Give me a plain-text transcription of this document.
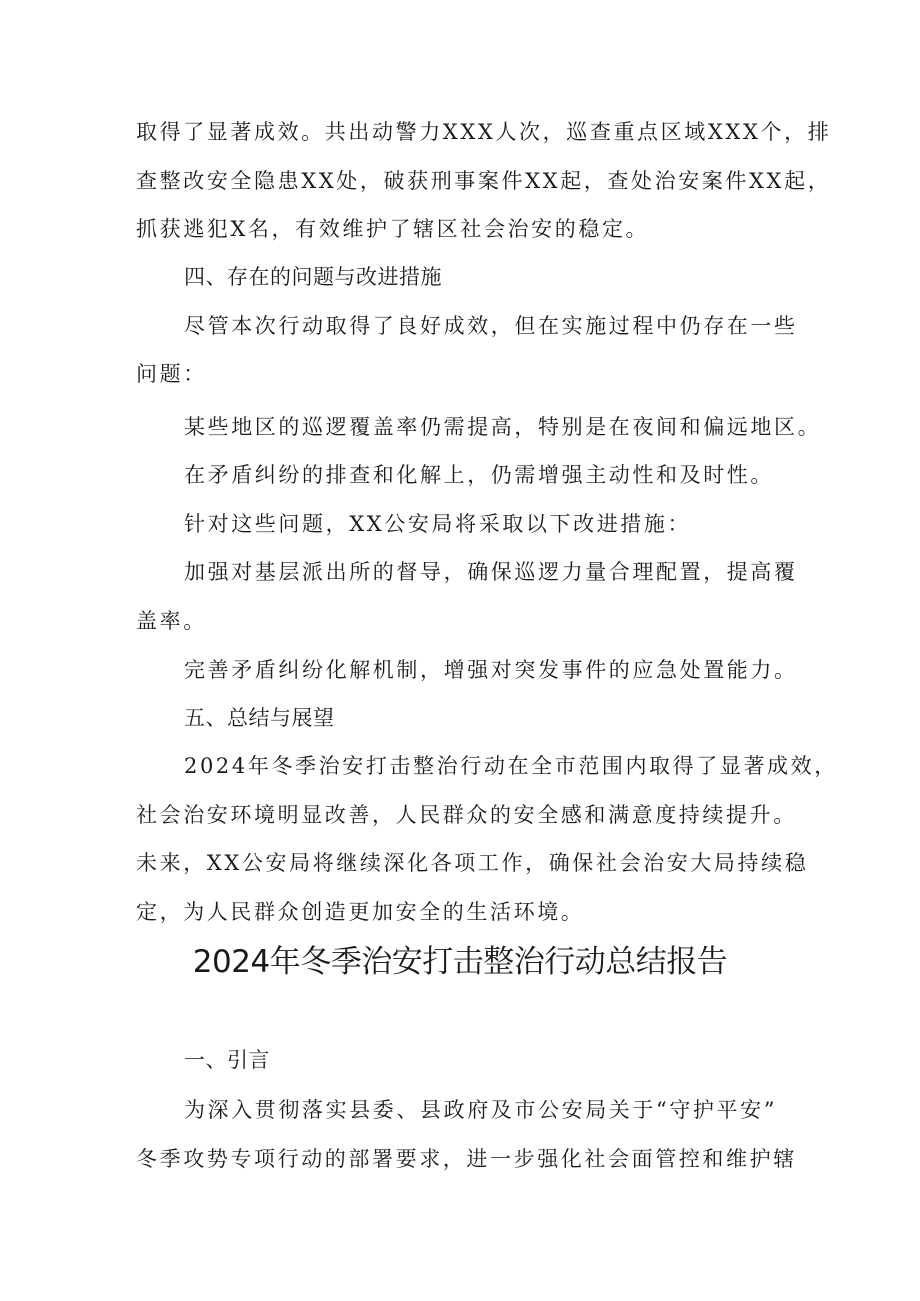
取得了显著成效。共出动警力XXX人次，巡查重点区域XXX个，排
查整改安全隐患XX处，破获刑事案件XX起，查处治安案件XX起，
抓获逃犯X名，有效维护了辖区社会治安的稳定。
四、存在的问题与改进措施
尽管本次行动取得了良好成效，但在实施过程中仍存在一些
问题：
某些地区的巡逻覆盖率仍需提高，特别是在夜间和偏远地区。
在矛盾纠纷的排查和化解上，仍需增强主动性和及时性。
针对这些问题，XX公安局将采取以下改进措施：
加强对基层派出所的督导，确保巡逻力量合理配置，提高覆
盖率。
完善矛盾纠纷化解机制，增强对突发事件的应急处置能力。
五、总结与展望
2024年冬季治安打击整治行动在全市范围内取得了显著成效，
社会治安环境明显改善，人民群众的安全感和满意度持续提升。
未来，XX公安局将继续深化各项工作，确保社会治安大局持续稳
定，为人民群众创造更加安全的生活环境。
2024年冬季治安打击整治行动总结报告
一、引言
为深入贯彻落实县委、县政府及市公安局关于“守护平安”
冬季攻势专项行动的部署要求，进一步强化社会面管控和维护辖
